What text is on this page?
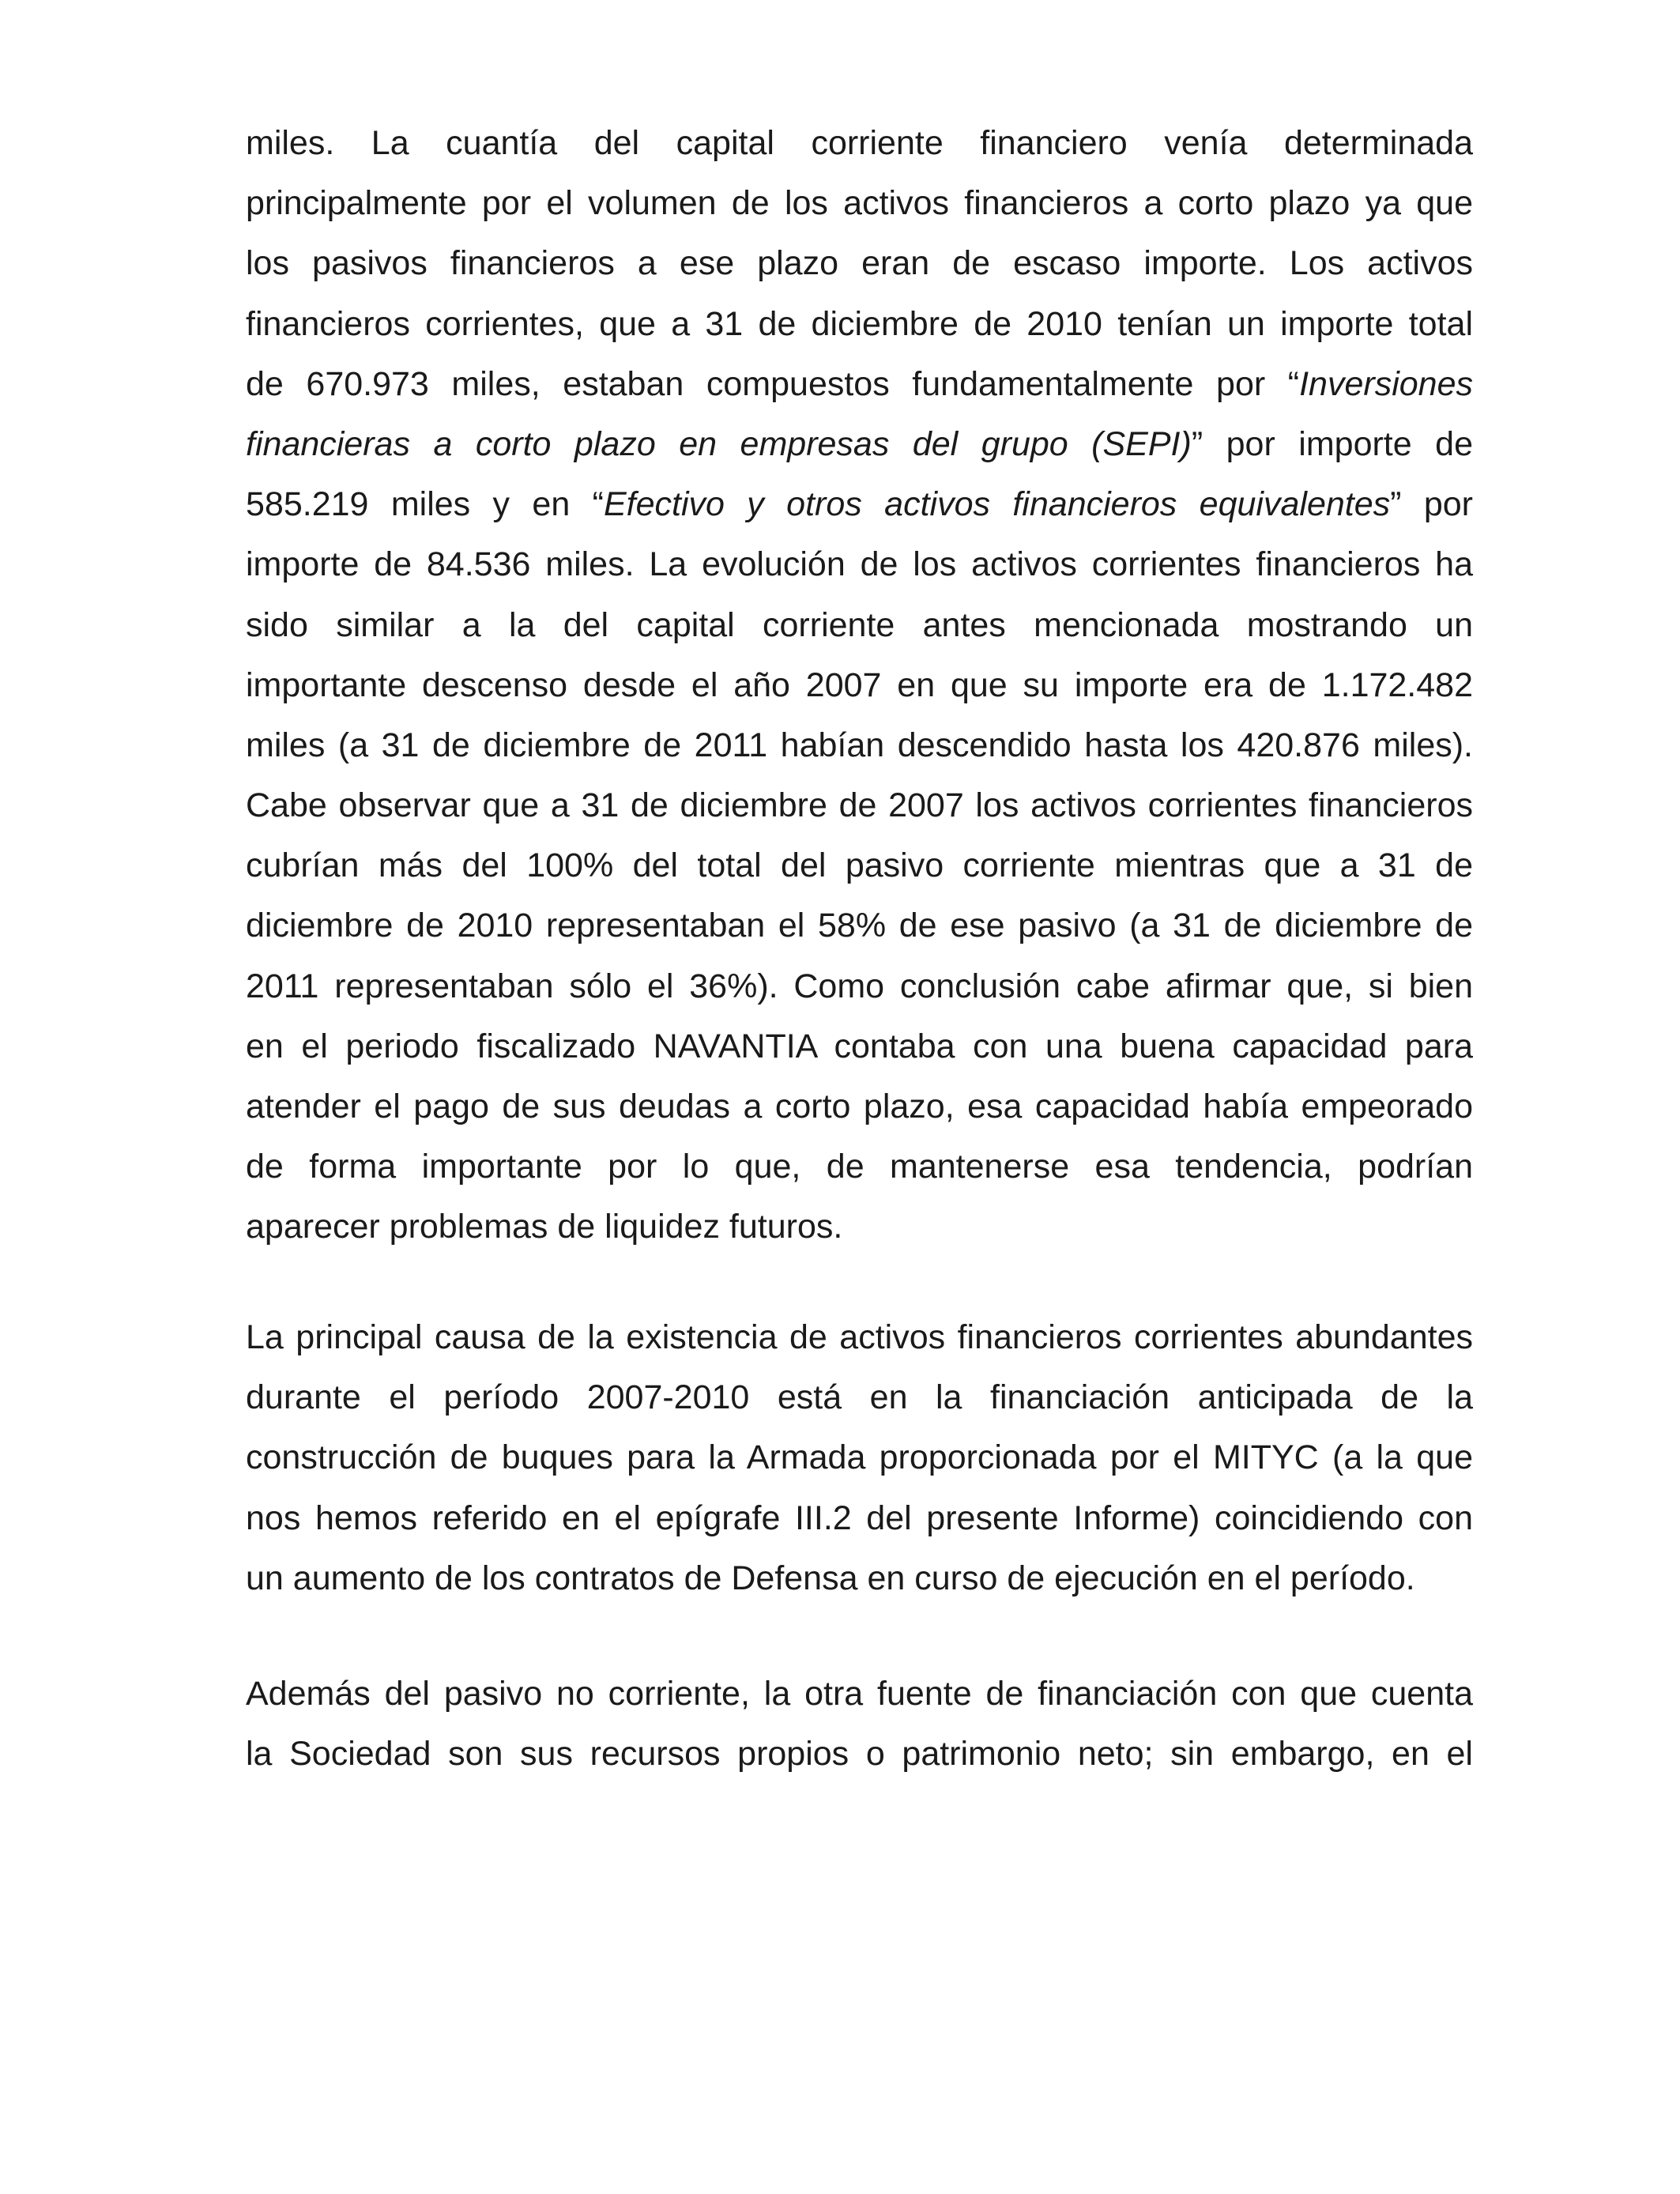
miles. La cuantía del capital corriente financiero venía determinada
principalmente por el volumen de los activos financieros a corto plazo ya que
los pasivos financieros a ese plazo eran de escaso importe. Los activos
financieros corrientes, que a 31 de diciembre de 2010 tenían un importe total
de 670.973 miles, estaban compuestos fundamentalmente por “Inversiones
financieras a corto plazo en empresas del grupo (SEPI)” por importe de
585.219 miles y en “Efectivo y otros activos financieros equivalentes” por
importe de 84.536 miles. La evolución de los activos corrientes financieros ha
sido similar a la del capital corriente antes mencionada mostrando un
importante descenso desde el año 2007 en que su importe era de 1.172.482
miles (a 31 de diciembre de 2011 habían descendido hasta los 420.876 miles).
Cabe observar que a 31 de diciembre de 2007 los activos corrientes financieros
cubrían más del 100% del total del pasivo corriente mientras que a 31 de
diciembre de 2010 representaban el 58% de ese pasivo (a 31 de diciembre de
2011 representaban sólo el 36%). Como conclusión cabe afirmar que, si bien
en el periodo fiscalizado NAVANTIA contaba con una buena capacidad para
atender el pago de sus deudas a corto plazo, esa capacidad había empeorado
de forma importante por lo que, de mantenerse esa tendencia, podrían
aparecer problemas de liquidez futuros.
La principal causa de la existencia de activos financieros corrientes abundantes
durante el período 2007-2010 está en la financiación anticipada de la
construcción de buques para la Armada proporcionada por el MITYC (a la que
nos hemos referido en el epígrafe III.2 del presente Informe) coincidiendo con
un aumento de los contratos de Defensa en curso de ejecución en el período.
Además del pasivo no corriente, la otra fuente de financiación con que cuenta
la Sociedad son sus recursos propios o patrimonio neto; sin embargo, en el
